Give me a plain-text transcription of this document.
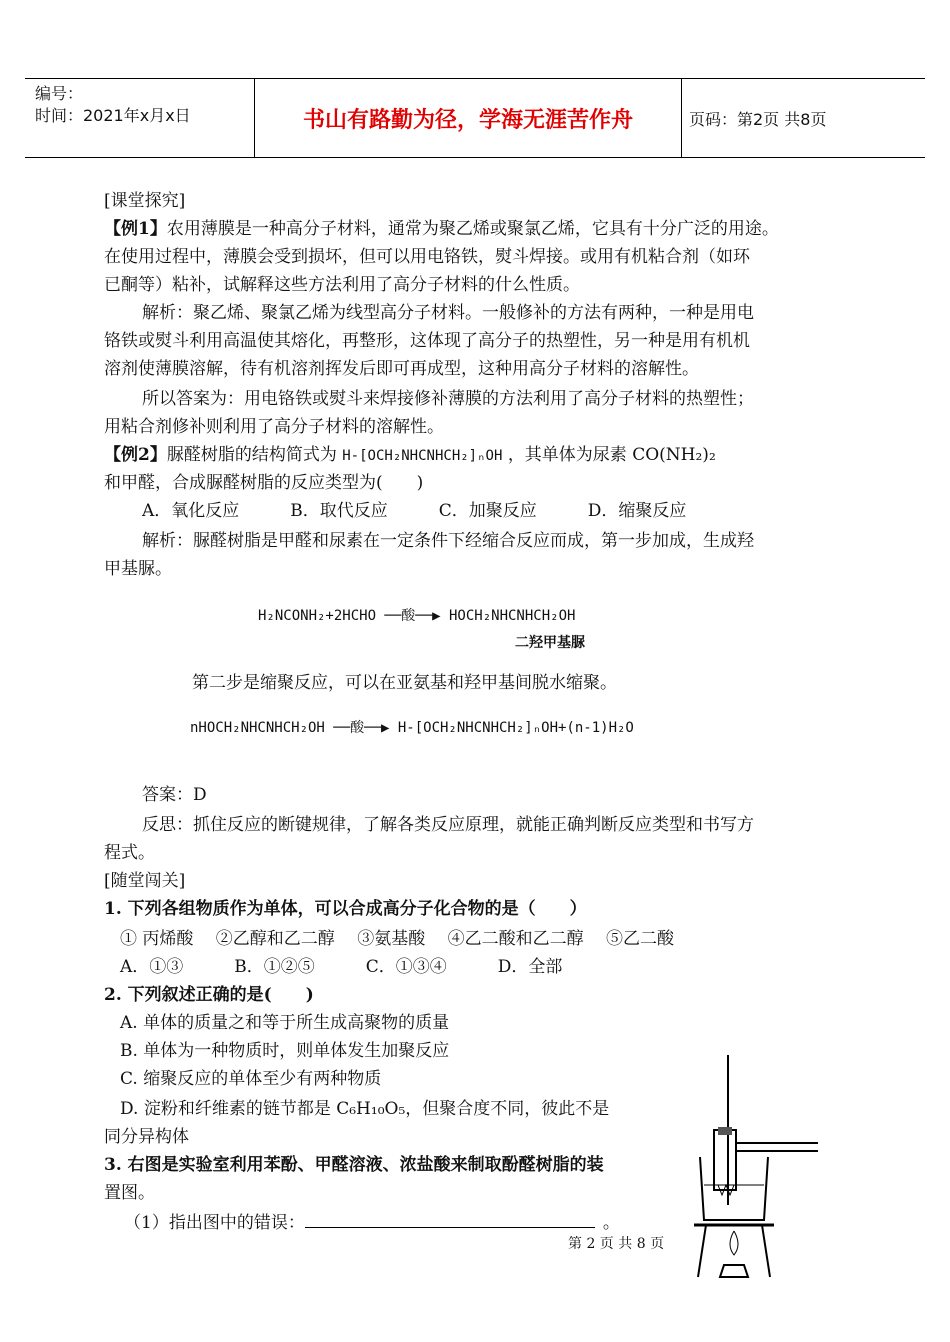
编号：
时间：2021年x月x日	书山有路勤为径，学海无涯苦作舟	页码：第2页 共8页
[课堂探究]
【例1】农用薄膜是一种高分子材料，通常为聚乙烯或聚氯乙烯，它具有十分广泛的用途。
在使用过程中，薄膜会受到损坏，但可以用电铬铁，熨斗焊接。或用有机粘合剂（如环
已酮等）粘补，试解释这些方法利用了高分子材料的什么性质。
解析：聚乙烯、聚氯乙烯为线型高分子材料。一般修补的方法有两种，一种是用电
铬铁或熨斗利用高温使其熔化，再整形，这体现了高分子的热塑性，另一种是用有机机
溶剂使薄膜溶解，待有机溶剂挥发后即可再成型，这种用高分子材料的溶解性。
所以答案为：用电铬铁或熨斗来焊接修补薄膜的方法利用了高分子材料的热塑性；
用粘合剂修补则利用了高分子材料的溶解性。
【例2】脲醛树脂的结构简式为 H-[OCH₂NHCNHCH₂]ₙOH ，其单体为尿素 CO(NH₂)₂
和甲醛，合成脲醛树脂的反应类型为(　　)
A．氧化反应　　　B．取代反应　　　C．加聚反应　　　D．缩聚反应
解析：脲醛树脂是甲醛和尿素在一定条件下经缩合反应而成，第一步加成，生成羟
甲基脲。
H₂NCONH₂+2HCHO ──酸──▶ HOCH₂NHCNHCH₂OH
二羟甲基脲
第二步是缩聚反应，可以在亚氨基和羟甲基间脱水缩聚。
nHOCH₂NHCNHCH₂OH ──酸──▶ H-[OCH₂NHCNHCH₂]ₙOH+(n-1)H₂O
答案：D
反思：抓住反应的断键规律，了解各类反应原理，就能正确判断反应类型和书写方
程式。
[随堂闯关]
1. 下列各组物质作为单体，可以合成高分子化合物的是（　　）
① 丙烯酸　 ②乙醇和乙二醇　 ③氨基酸　 ④乙二酸和乙二醇　 ⑤乙二酸
A．①③　　　B．①②⑤　　　C．①③④　　　D．全部
2. 下列叙述正确的是(　　)
A. 单体的质量之和等于所生成高聚物的质量
B. 单体为一种物质时，则单体发生加聚反应
C. 缩聚反应的单体至少有两种物质
D. 淀粉和纤维素的链节都是 C₆H₁₀O₅，但聚合度不同，彼此不是
同分异构体
3. 右图是实验室利用苯酚、甲醛溶液、浓盐酸来制取酚醛树脂的装
置图。
（1）指出图中的错误：	。
第 2 页 共 8 页
